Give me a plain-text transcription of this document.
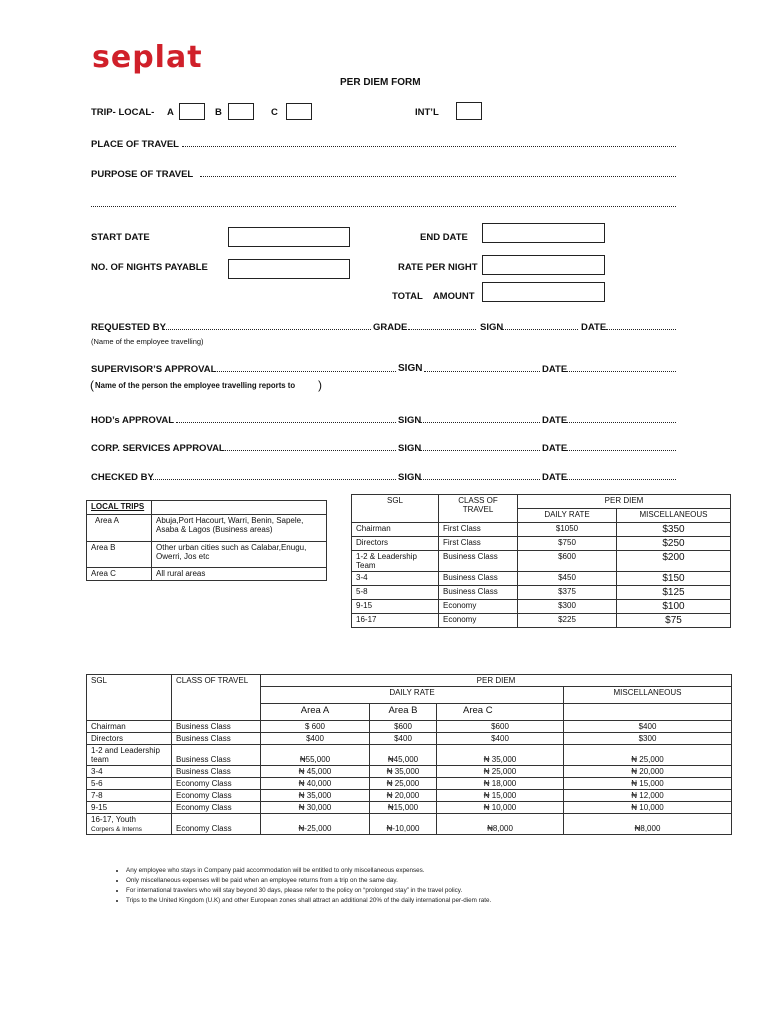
seplat
PER DIEM FORM
TRIP- LOCAL- A	B	C	INT’L
PLACE OF TRAVEL
PURPOSE OF TRAVEL
START DATE	END DATE
NO. OF NIGHTS PAYABLE	RATE PER NIGHT
TOTAL    AMOUNT
REQUESTED BY	GRADE	SIGN	DATE
(Name of the employee travelling)
SUPERVISOR’S APPROVAL	SIGN	DATE
( Name of the person the employee travelling reports to )
HOD’s APPROVAL	SIGN	DATE
CORP. SERVICES APPROVAL	SIGN	DATE
CHECKED BY	SIGN	DATE
LOCAL TRIPS	
Area A	Abuja,Port Hacourt, Warri, Benin, Sapele, Asaba & Lagos (Business areas)
Area B	Other urban cities such as Calabar,Enugu, Owerri, Jos etc
Area C	All rural areas
SGL	CLASS OF TRAVEL	PER DIEM	
		DAILY RATE	MISCELLANEOUS
Chairman	First Class	$1050	$350
Directors	First Class	$750	$250
1-2 & Leadership Team	Business Class	$600	$200
3-4	Business Class	$450	$150
5-8	Business Class	$375	$125
9-15	Economy	$300	$100
16-17	Economy	$225	$75
SGL	CLASS OF TRAVEL	PER DIEM			
		DAILY RATE			MISCELLANEOUS
		Area A	Area B	Area C	
Chairman	Business Class	$ 600	$600	$600	$400
Directors	Business Class	$400	$400	$400	$300
1-2 and Leadership team	Business Class	₦55,000	₦45,000	₦ 35,000	₦ 25,000
3-4	Business Class	₦ 45,000	₦ 35,000	₦ 25,000	₦ 20,000
5-6	Economy Class	₦ 40,000	₦ 25,000	₦ 18,000	₦ 15,000
7-8	Economy Class	₦ 35,000	₦ 20,000	₦ 15,000	₦ 12,000
9-15	Economy Class	₦ 30,000	₦15,000	₦ 10,000	₦ 10,000
16-17, Youth
Corpers & Interns	Economy Class	₦-25,000	₦-10,000	₦8,000	₦8,000
• Any employee who stays in Company paid accommodation will be entitled to only miscellaneous expenses.
• Only miscellaneous expenses will be paid when an employee returns from a trip on the same day.
• For international travelers who will stay beyond 30 days, please refer to the policy on “prolonged stay” in the travel policy.
• Trips to the United Kingdom (U.K) and other European zones shall attract an additional 20% of the daily international per-diem rate.
